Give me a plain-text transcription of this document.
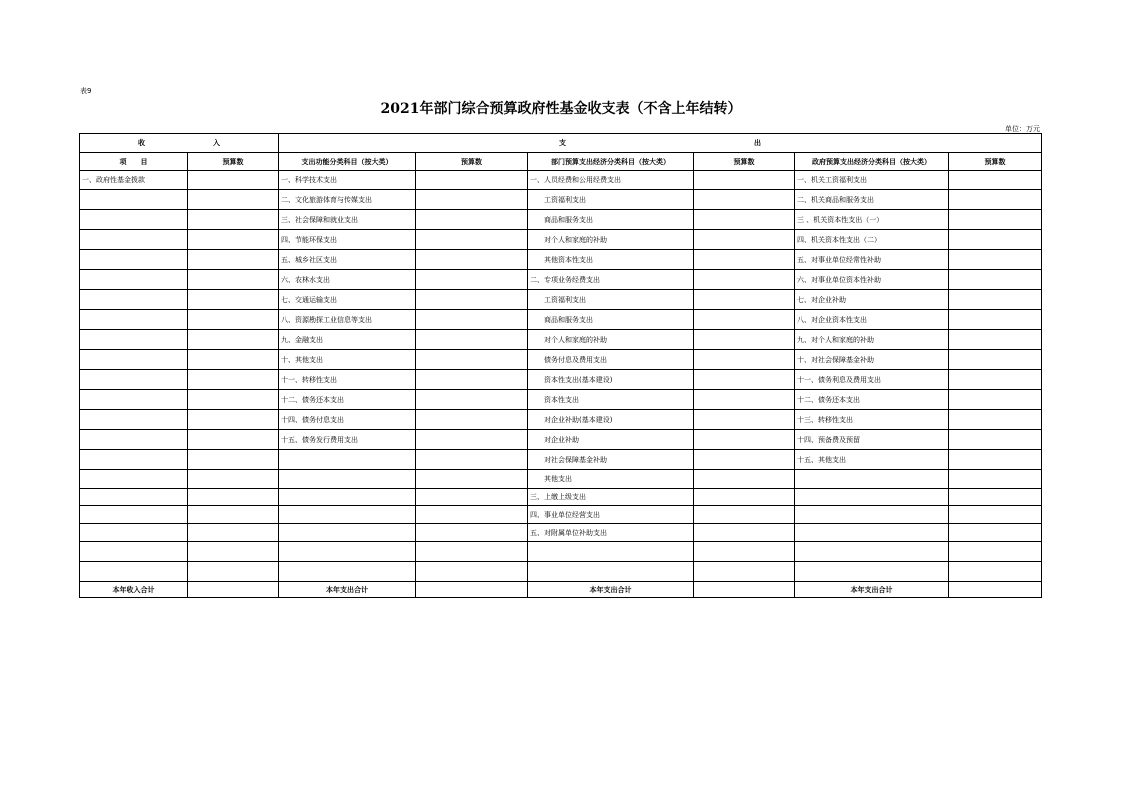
表9
2021年部门综合预算政府性基金收支表（不含上年结转）
单位：万元
收 入		支 出					
项　　目	预算数	支出功能分类科目（按大类）	预算数	部门预算支出经济分类科目（按大类）	预算数	政府预算支出经济分类科目（按大类）	预算数
一、政府性基金拨款		一、科学技术支出		一、人员经费和公用经费支出		一、机关工资福利支出	
		二、文化旅游体育与传媒支出		工资福利支出		二、机关商品和服务支出	
		三、社会保障和就业支出		商品和服务支出		三 、机关资本性支出（一）	
		四、节能环保支出		对个人和家庭的补助		四、机关资本性支出（二）	
		五、城乡社区支出		其他资本性支出		五、对事业单位经常性补助	
		六、农林水支出		二、专项业务经费支出		六、对事业单位资本性补助	
		七、交通运输支出		工资福利支出		七、对企业补助	
		八、资源勘探工业信息等支出		商品和服务支出		八、对企业资本性支出	
		九、金融支出		对个人和家庭的补助		九、对个人和家庭的补助	
		十、其他支出		债务付息及费用支出		十、对社会保障基金补助	
		十一、转移性支出		资本性支出(基本建设)		十一、债务利息及费用支出	
		十二、债务还本支出		资本性支出		十二、债务还本支出	
		十四、债务付息支出		对企业补助(基本建设)		十三、转移性支出	
		十五、债务发行费用支出		对企业补助		十四、预备费及预留	
				对社会保障基金补助		十五、其他支出	
				其他支出			
				三、上缴上级支出			
				四、事业单位经营支出			
				五、对附属单位补助支出			

本年收入合计		本年支出合计		本年支出合计		本年支出合计	
